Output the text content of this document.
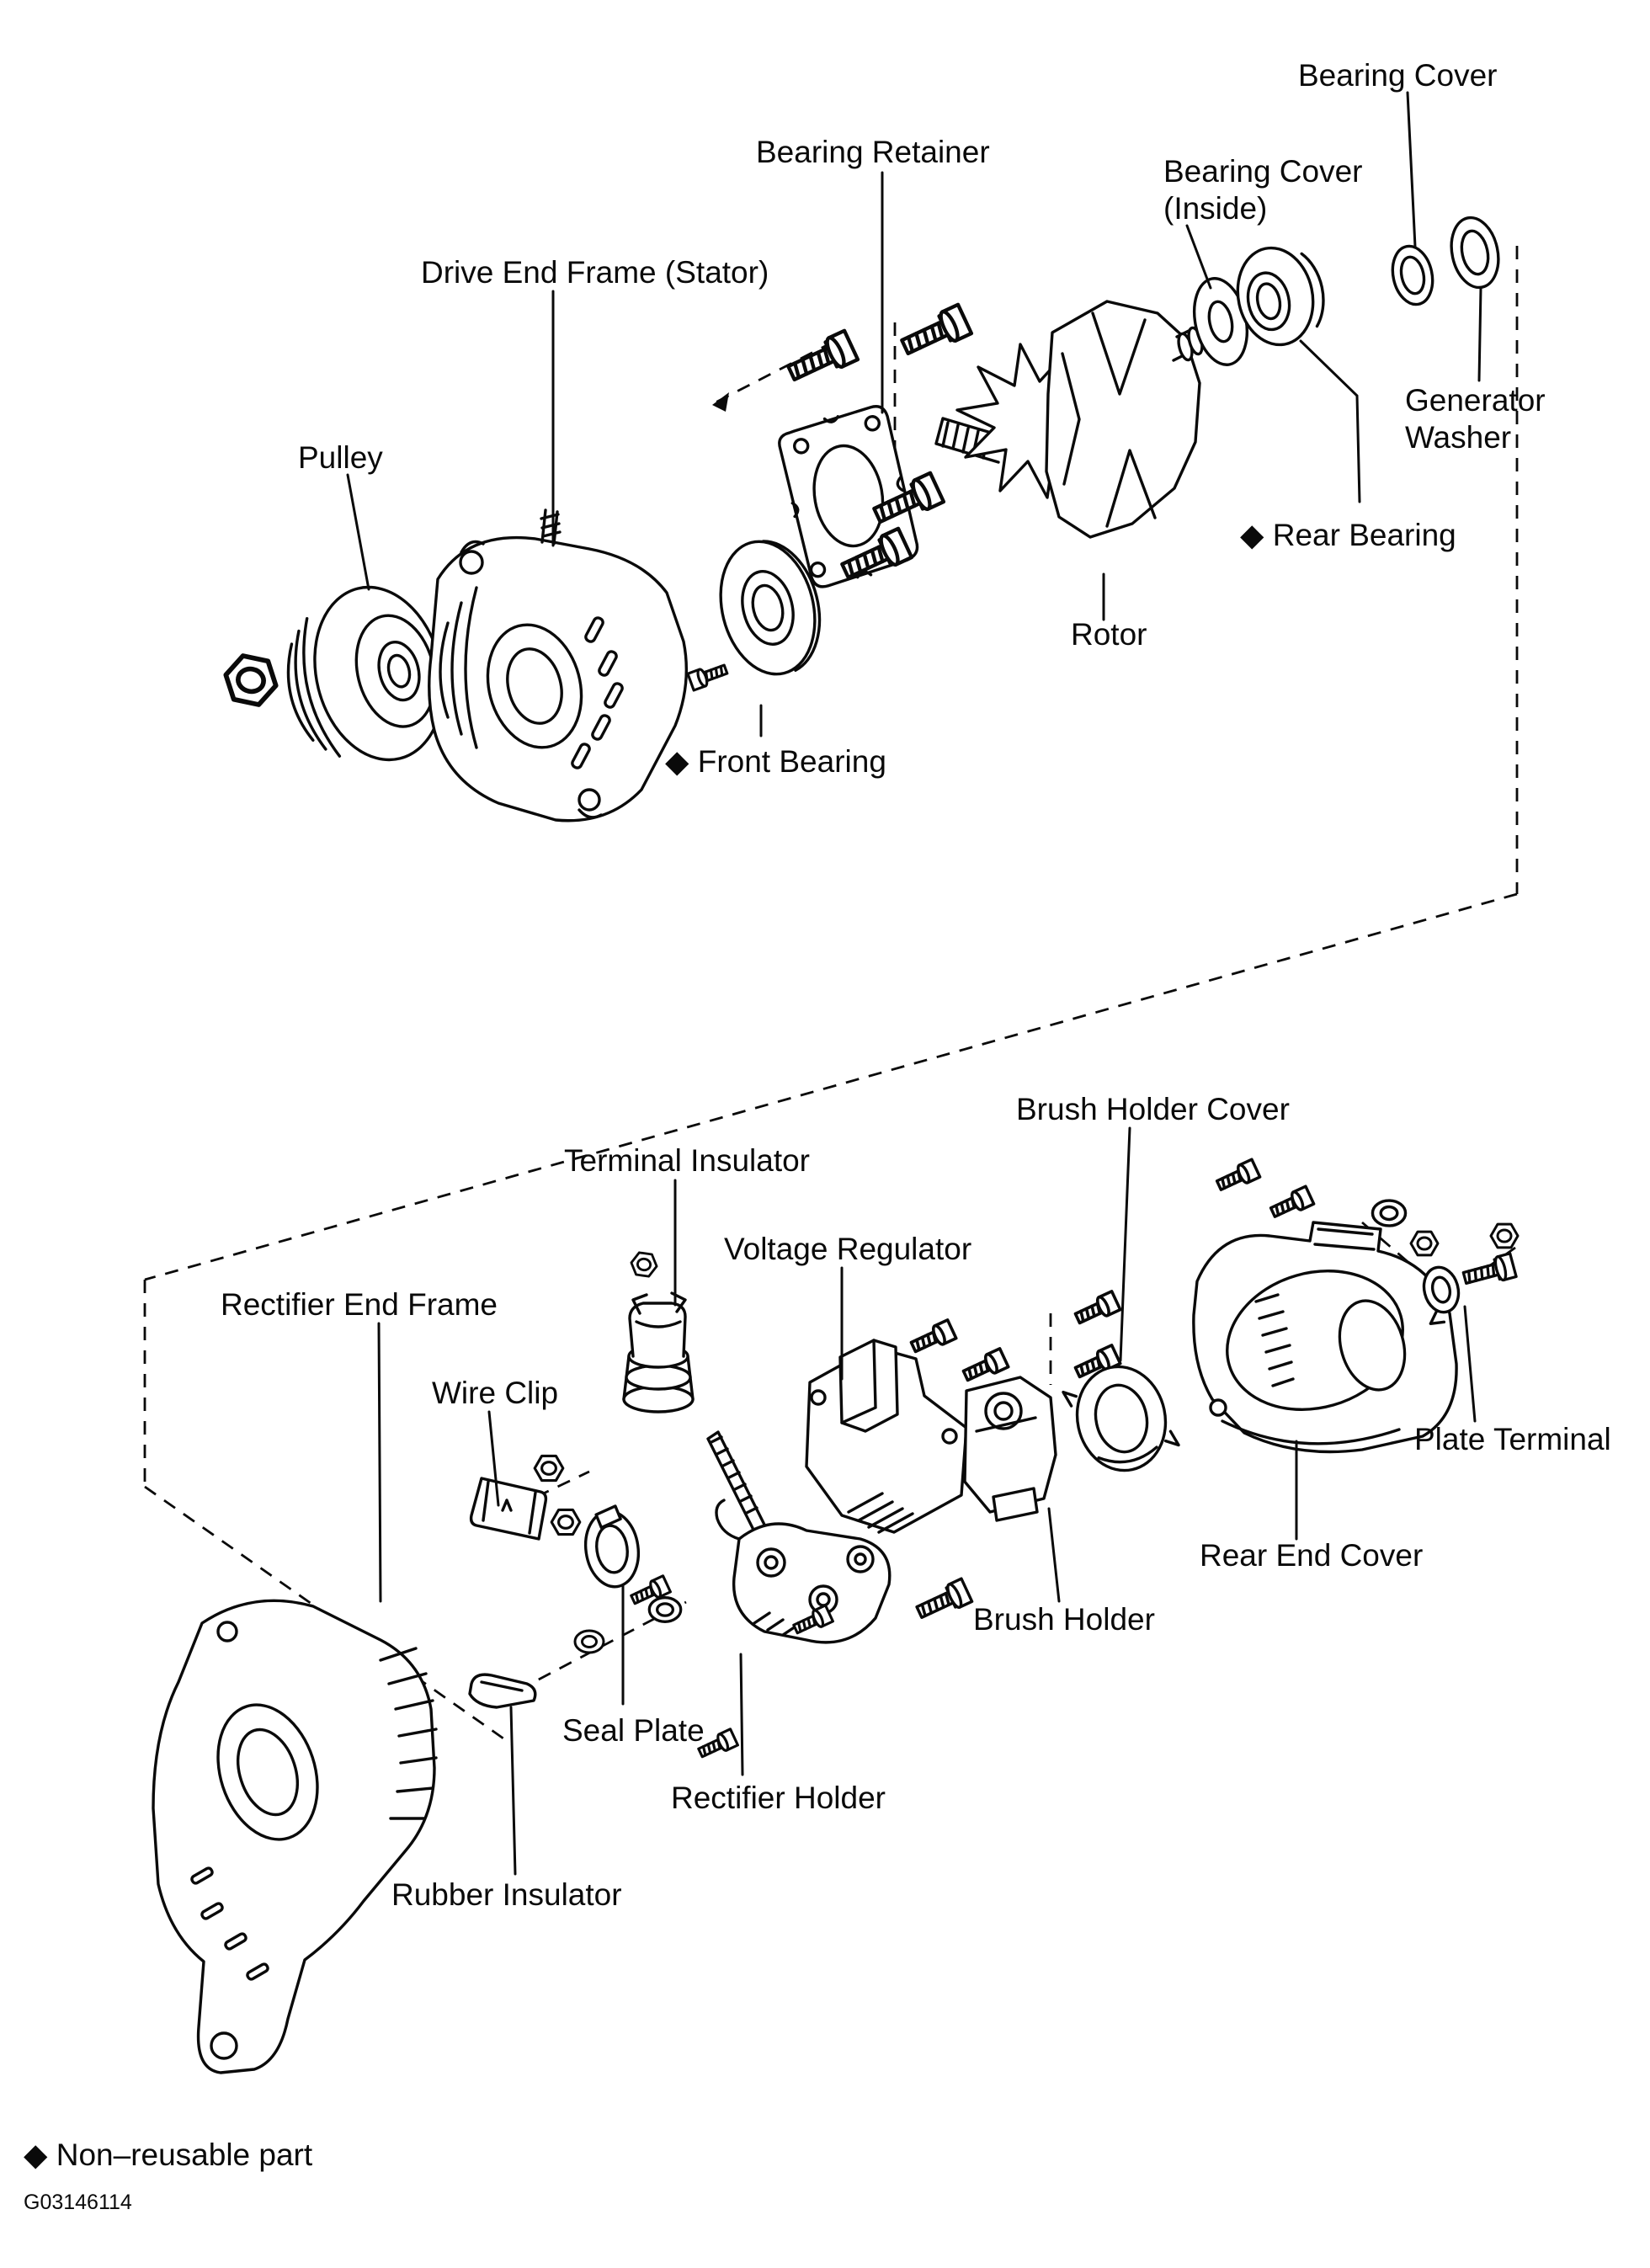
Bearing Cover
Bearing Retainer
Bearing Cover
(Inside)
Drive End Frame (Stator)
Generator
Washer
Pulley
◆ Rear Bearing
Rotor
◆ Front Bearing
Brush Holder Cover
Terminal Insulator
Voltage Regulator
Rectifier End Frame
Wire Clip
Plate Terminal
Rear End Cover
Brush Holder
Seal Plate
Rectifier Holder
Rubber Insulator
◆ Non–reusable part
G03146114
